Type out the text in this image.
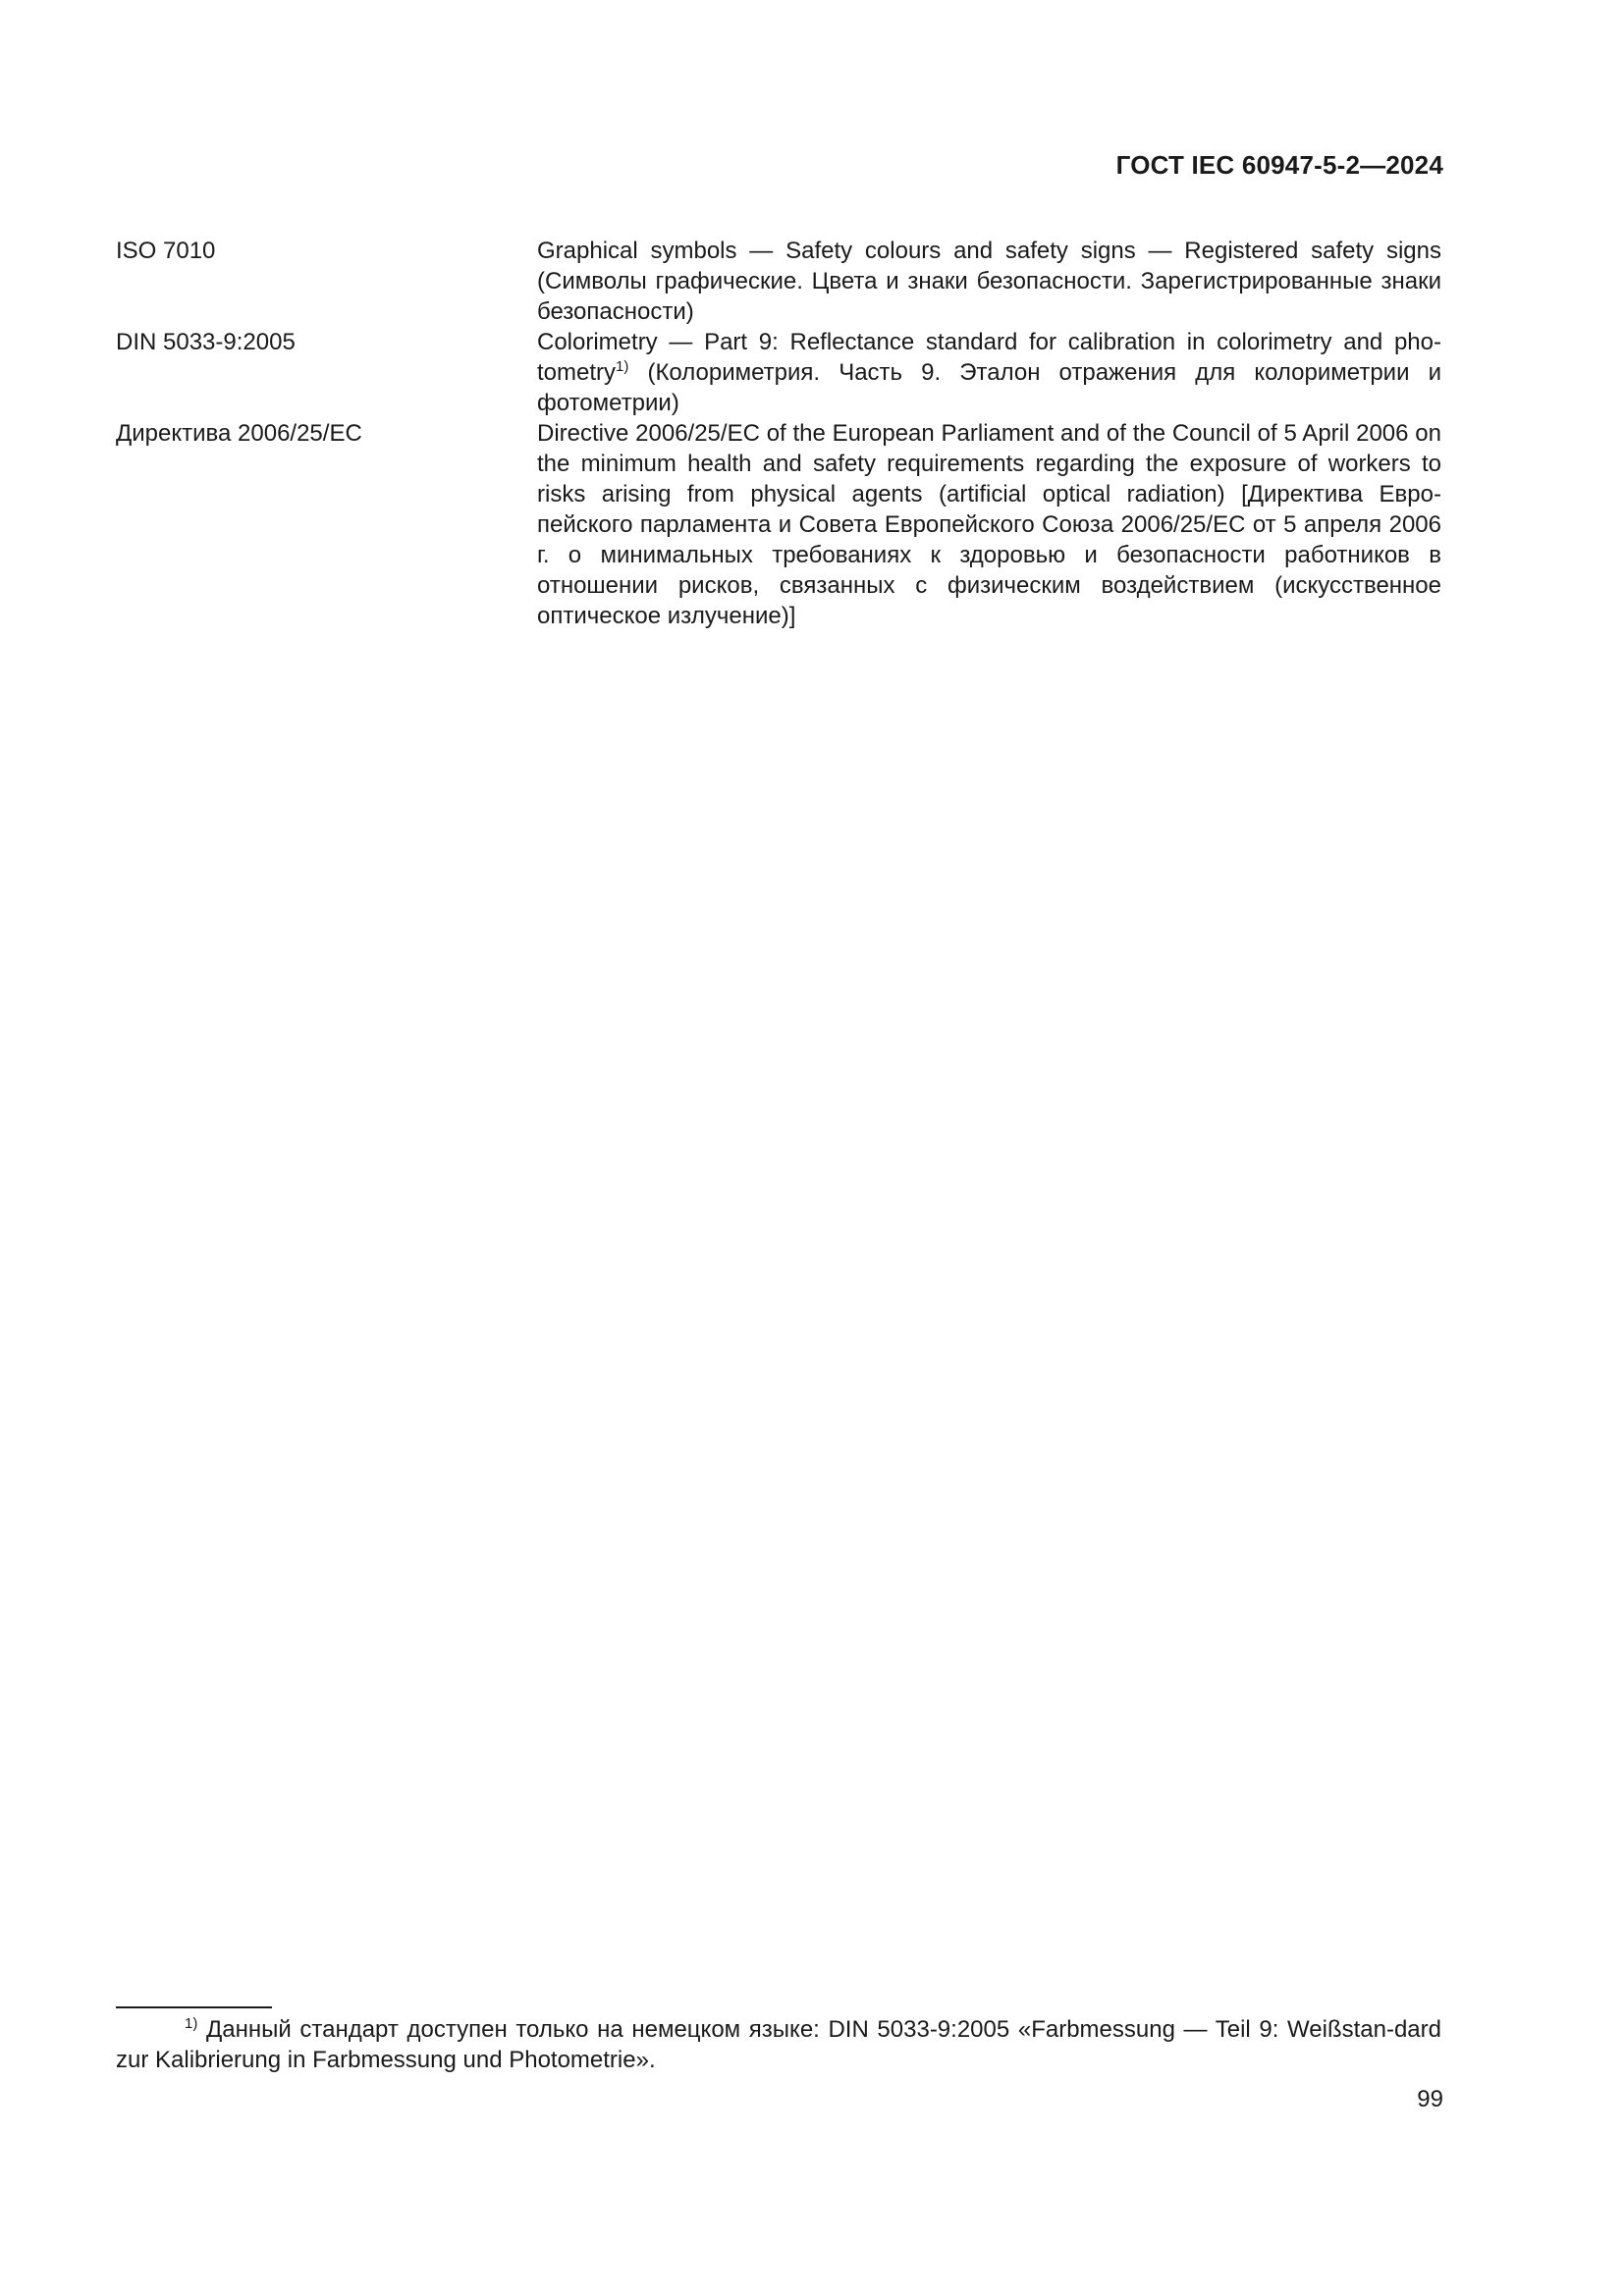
ГОСТ IEC 60947-5-2—2024
ISO 7010	Graphical symbols — Safety colours and safety signs — Registered safety signs (Символы графические. Цвета и знаки безопасности. Зарегистрированные знаки безопасности)
DIN 5033-9:2005	Colorimetry — Part 9: Reflectance standard for calibration in colorimetry and pho-tometry$^{1)}$ (Колориметрия. Часть 9. Эталон отражения для колориметрии и фотометрии)
Директива 2006/25/ЕС	Directive 2006/25/EC of the European Parliament and of the Council of 5 April 2006 on the minimum health and safety requirements regarding the exposure of workers to risks arising from physical agents (artificial optical radiation) [Директива Евро-пейского парламента и Совета Европейского Союза 2006/25/ЕС от 5 апреля 2006 г. о минимальных требованиях к здоровью и безопасности работников в отношении рисков, связанных с физическим воздействием (искусственное оптическое излучение)]
$^{1)}$ Данный стандарт доступен только на немецком языке: DIN 5033-9:2005 «Farbmessung — Teil 9: Weißstan-dard zur Kalibrierung in Farbmessung und Photometrie».
99
